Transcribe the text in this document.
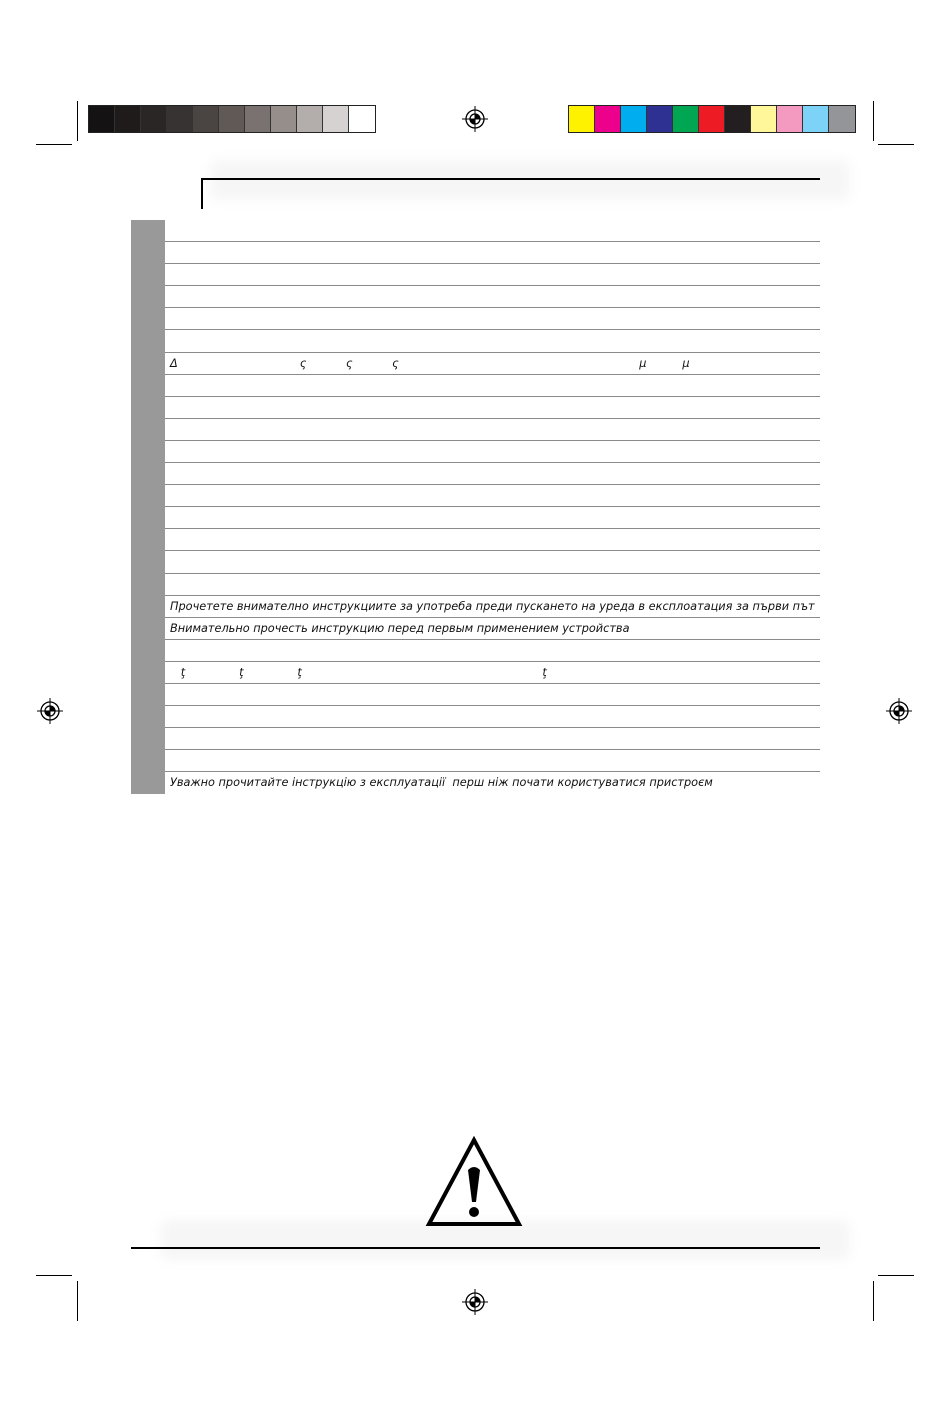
Δ                                  ς           ς           ς                                                                   μ          μ
Прочетете внимателно инструкциите за употреба преди пускането на уреда в експлоатация за първи път
Внимательно прочесть инструкцию перед первым применением устройства
ţ               ţ               ţ                                                                   ţ
Уважно прочитайте інструкцію з експлуатації  перш ніж почати користуватися пристроєм
